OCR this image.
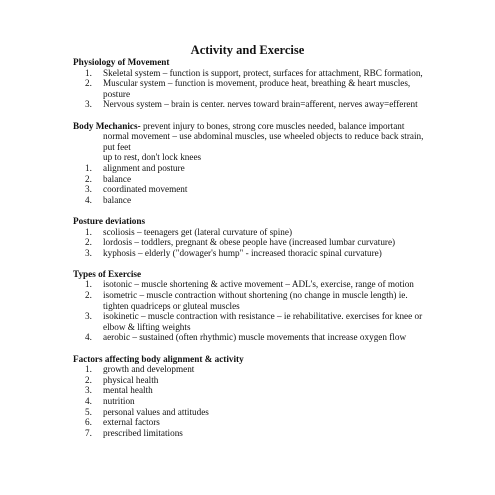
Activity and Exercise
Physiology of Movement
1. Skeletal system – function is support, protect, surfaces for attachment, RBC formation,
2. Muscular system – function is movement, produce heat, breathing & heart muscles, posture
3. Nervous system – brain is center. nerves toward brain=afferent, nerves away=efferent
Body Mechanics- prevent injury to bones, strong core muscles needed, balance important
normal movement – use abdominal muscles, use wheeled objects to reduce back strain, put feet
up to rest, don't lock knees
1. alignment and posture
2. balance
3. coordinated movement
4. balance
Posture deviations
1. scoliosis – teenagers get (lateral curvature of spine)
2. lordosis – toddlers, pregnant & obese people have (increased lumbar curvature)
3. kyphosis – elderly ("dowager's hump" - increased thoracic spinal curvature)
Types of Exercise
1. isotonic – muscle shortening & active movement – ADL's, exercise, range of motion
2. isometric – muscle contraction without shortening (no change in muscle length) ie. tighten quadriceps or gluteal muscles
3. isokinetic – muscle contraction with resistance – ie rehabilitative. exercises for knee or elbow & lifting weights
4. aerobic – sustained (often rhythmic) muscle movements that increase oxygen flow
Factors affecting body alignment & activity
1. growth and development
2. physical health
3. mental health
4. nutrition
5. personal values and attitudes
6. external factors
7. prescribed limitations
